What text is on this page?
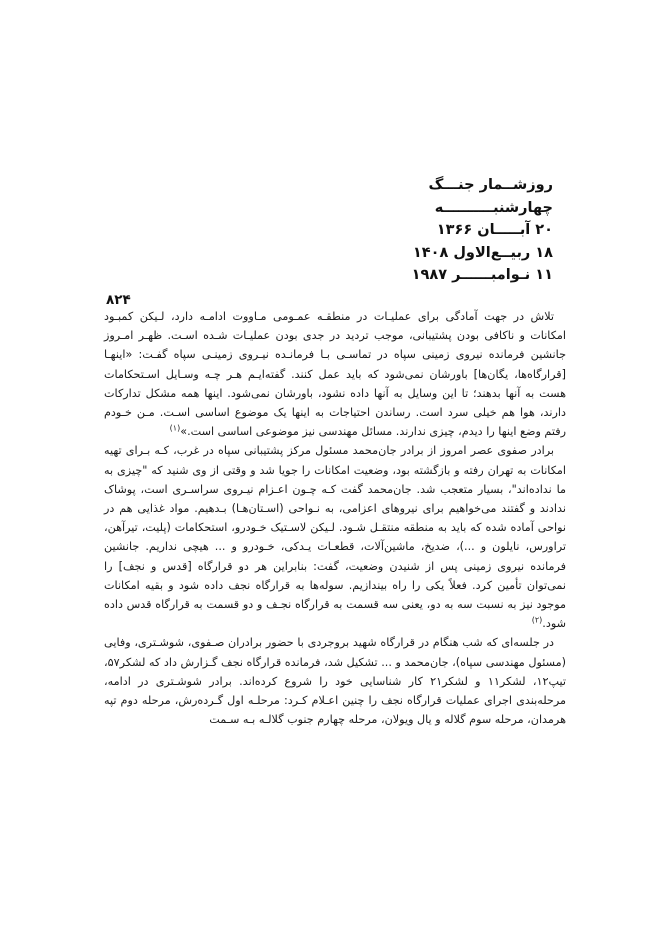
روزشــمار جنـــگ
چهارشنبــــــــــه
۲۰ آبـــــان ۱۳۶۶
۱۸ ربیــع‌الاول ۱۴۰۸
۱۱ نـوامبــــــر ۱۹۸۷
۸۲۴

تلاش در جهت آمادگی برای عملیـات در منطقـه عمـومی مـاووت ادامـه دارد، لـیکن کمبـود امکانات و ناکافی بودن پشتیبانی، موجب تردید در جدی بودن عملیـات شـده اسـت. ظهـر امـروز جانشین فرمانده نیروی زمینی سپاه در تماسـی بـا فرمانـده نیـروی زمینـی سپاه گفـت: «اینهـا [قرارگاه‌ها، یگان‌ها] باورشان نمی‌شود که باید عمل کنند. گفته‌ایـم هـر چـه وسـایل اسـتحکامات هست به آنها بدهند؛ تا این وسایل به آنها داده نشود، باورشان نمی‌شود. اینها همه مشکل تدارکات دارند، هوا هم خیلی سرد است. رساندن احتیاجات به اینها یک موضوع اساسی اسـت. مـن خـودم رفتم وضع اینها را دیدم، چیزی ندارند. مسائل مهندسی نیز موضوعی اساسی است.»$^{(۱)}$

برادر صفوی عصر امروز از برادر جان‌محمد مسئول مرکز پشتیبانی سپاه در غرب، کـه بـرای تهیه امکانات به تهران رفته و بازگشته بود، وضعیت امکانات را جویا شد و وقتی از وی شنید که "چیزی به ما نداده‌اند"، بسیار متعجب شد. جان‌محمد گفت کـه چـون اعـزام نیـروی سراسـری است، پوشاک ندادند و گفتند می‌خواهیم برای نیروهای اعزامی، به نـواحی (اسـتان‌هـا) بـدهیم. مواد غذایی هم در نواحی آماده شده که باید به منطقه منتقـل شـود. لـیکن لاسـتیک خـودرو، استحکامات (پلیت، تیرآهن، تراورس، نایلون و ...)، ضدیخ، ماشین‌آلات، قطعـات یـدکی، خـودرو و ... هیچی نداریم. جانشین فرمانده نیروی زمینی پس از شنیدن وضعیت، گفت: بنابراین هر دو قرارگاه [قدس و نجف] را نمی‌توان تأمین کرد. فعلاً یکی را راه بیندازیم. سوله‌ها به قرارگاه نجف داده شود و بقیه امکانات موجود نیز به نسبت سه به دو، یعنی سه قسمت به قرارگاه نجـف و دو قسمت به قرارگاه قدس داده شود.$^{(۲)}$

در جلسه‌ای که شب هنگام در قرارگاه شهید بروجردی با حضور برادران صـفوی، شوشـتری، وفایی (مسئول مهندسی سپاه)، جان‌محمد و ... تشکیل شد، فرمانده قرارگاه نجف گـزارش داد که لشکر۵۷، تیپ۱۲، لشکر۱۱ و لشکر۲۱ کار شناسایی خود را شروع کرده‌اند. برادر شوشـتری در ادامه، مرحله‌بندی اجرای عملیات قرارگاه نجف را چنین اعـلام کـرد: مرحلـه اول گـرده‌رش، مرحله دوم تپه هرمدان، مرحله سوم گلاله و یال ویولان، مرحله چهارم جنوب گلالـه بـه سـمت
